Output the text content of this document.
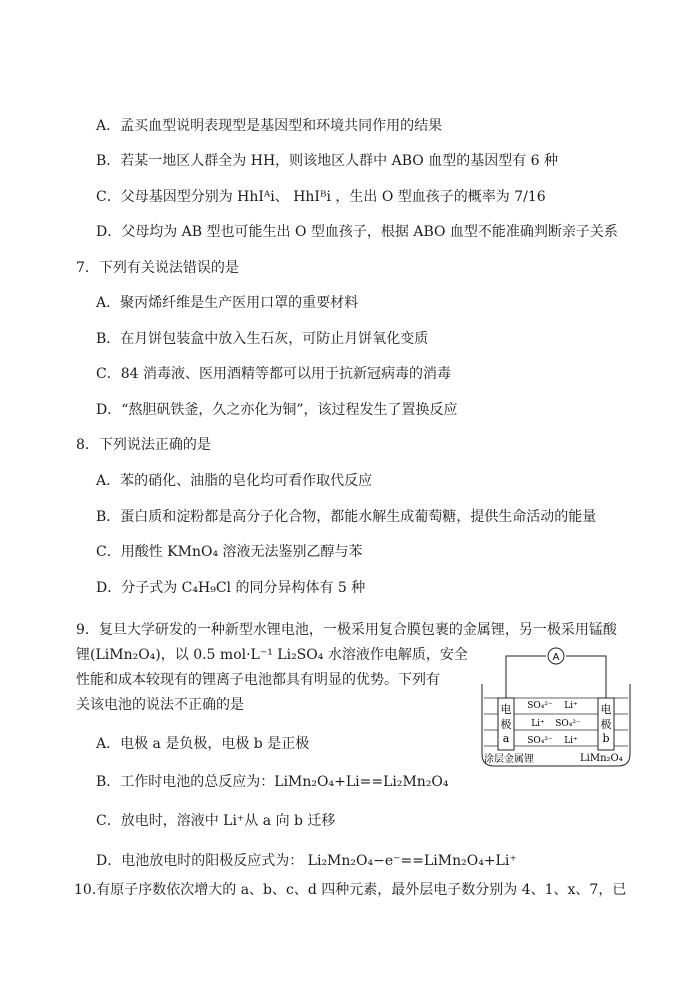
A．孟买血型说明表现型是基因型和环境共同作用的结果
B．若某一地区人群全为 HH，则该地区人群中 ABO 血型的基因型有 6 种
C．父母基因型分别为 HhIᴬi、 HhIᴮi ，生出 O 型血孩子的概率为 7/16
D．父母均为 AB 型也可能生出 O 型血孩子，根据 ABO 血型不能准确判断亲子关系
7．下列有关说法错误的是
A．聚丙烯纤维是生产医用口罩的重要材料
B．在月饼包装盒中放入生石灰，可防止月饼氧化变质
C．84 消毒液、医用酒精等都可以用于抗新冠病毒的消毒
D．“熬胆矾铁釜，久之亦化为铜”，该过程发生了置换反应
8．下列说法正确的是
A．苯的硝化、油脂的皂化均可看作取代反应
B．蛋白质和淀粉都是高分子化合物，都能水解生成葡萄糖，提供生命活动的能量
C．用酸性 KMnO₄ 溶液无法鉴别乙醇与苯
D．分子式为 C₄H₉Cl 的同分异构体有 5 种
9．复旦大学研发的一种新型水锂电池，一极采用复合膜包裹的金属锂，另一极采用锰酸
锂(LiMn₂O₄)，以 0.5 mol·L⁻¹ Li₂SO₄ 水溶液作电解质，安全
性能和成本较现有的锂离子电池都具有明显的优势。下列有
关该电池的说法不正确的是
A．电极 a 是负极，电极 b 是正极
B．工作时电池的总反应为：LiMn₂O₄+Li==Li₂Mn₂O₄
C．放电时，溶液中 Li⁺从 a 向 b 迁移
D．电池放电时的阳极反应式为： Li₂Mn₂O₄−e⁻==LiMn₂O₄+Li⁺
A
电
极
a
电
极
b
SO₄²⁻ Li⁺
Li⁺ SO₄²⁻
SO₄²⁻ Li⁺
涂层金属锂	LiMn₂O₄
10.有原子序数依次增大的 a、b、c、d 四种元素，最外层电子数分别为 4、1、x、7，已
